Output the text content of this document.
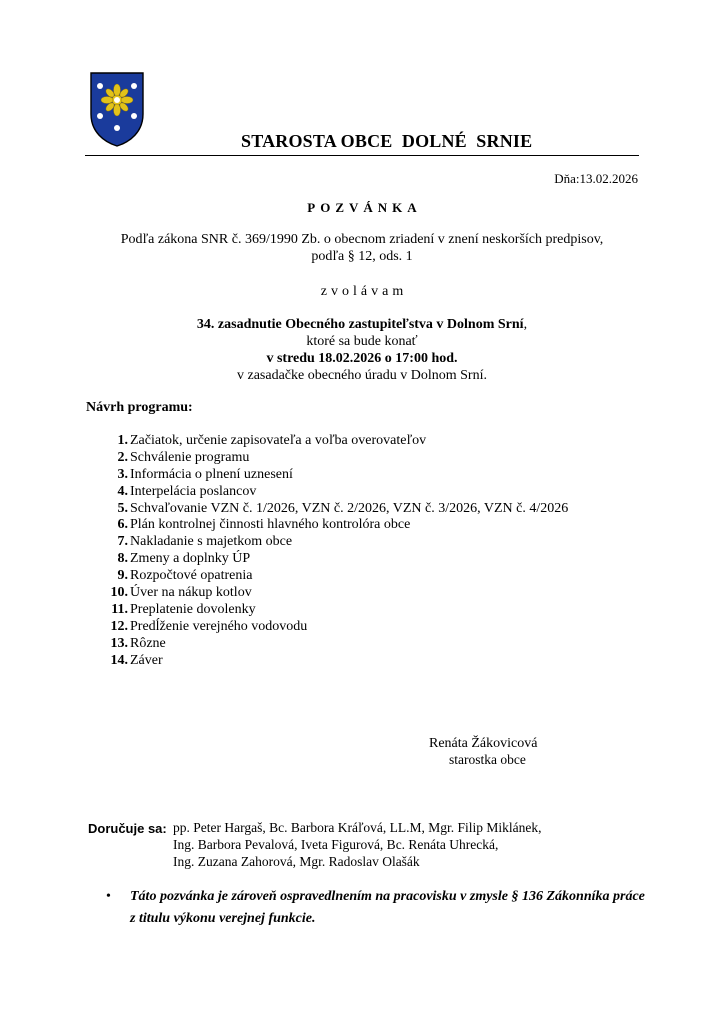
STAROSTA OBCE  DOLNÉ  SRNIE
Dňa:13.02.2026
POZVÁNKA
Podľa zákona SNR č. 369/1990 Zb. o obecnom zriadení v znení neskorších predpisov,
podľa § 12, ods. 1
zvolávam
34. zasadnutie Obecného zastupiteľstva v Dolnom Srní,
ktoré sa bude konať
v stredu 18.02.2026 o 17:00 hod.
v zasadačke obecného úradu v Dolnom Srní.
Návrh programu:
1. Začiatok, určenie zapisovateľa a voľba overovateľov
2. Schválenie programu
3. Informácia o plnení uznesení
4. Interpelácia poslancov
5. Schvaľovanie VZN č. 1/2026, VZN č. 2/2026, VZN č. 3/2026, VZN č. 4/2026
6. Plán kontrolnej činnosti hlavného kontrolóra obce
7. Nakladanie s majetkom obce
8. Zmeny a doplnky ÚP
9. Rozpočtové opatrenia
10. Úver na nákup kotlov
11. Preplatenie dovolenky
12. Predĺženie verejného vodovodu
13. Rôzne
14. Záver
Renáta Žákovicová
starostka obce
Doručuje sa: pp. Peter Hargaš, Bc. Barbora Kráľová, LL.M, Mgr. Filip Miklánek,
Ing. Barbora Pevalová, Iveta Figurová, Bc. Renáta Uhrecká,
Ing. Zuzana Zahorová, Mgr. Radoslav Olašák
•	Táto pozvánka je zároveň ospravedlnením na pracovisku v zmysle § 136 Zákonníka práce z titulu výkonu verejnej funkcie.
